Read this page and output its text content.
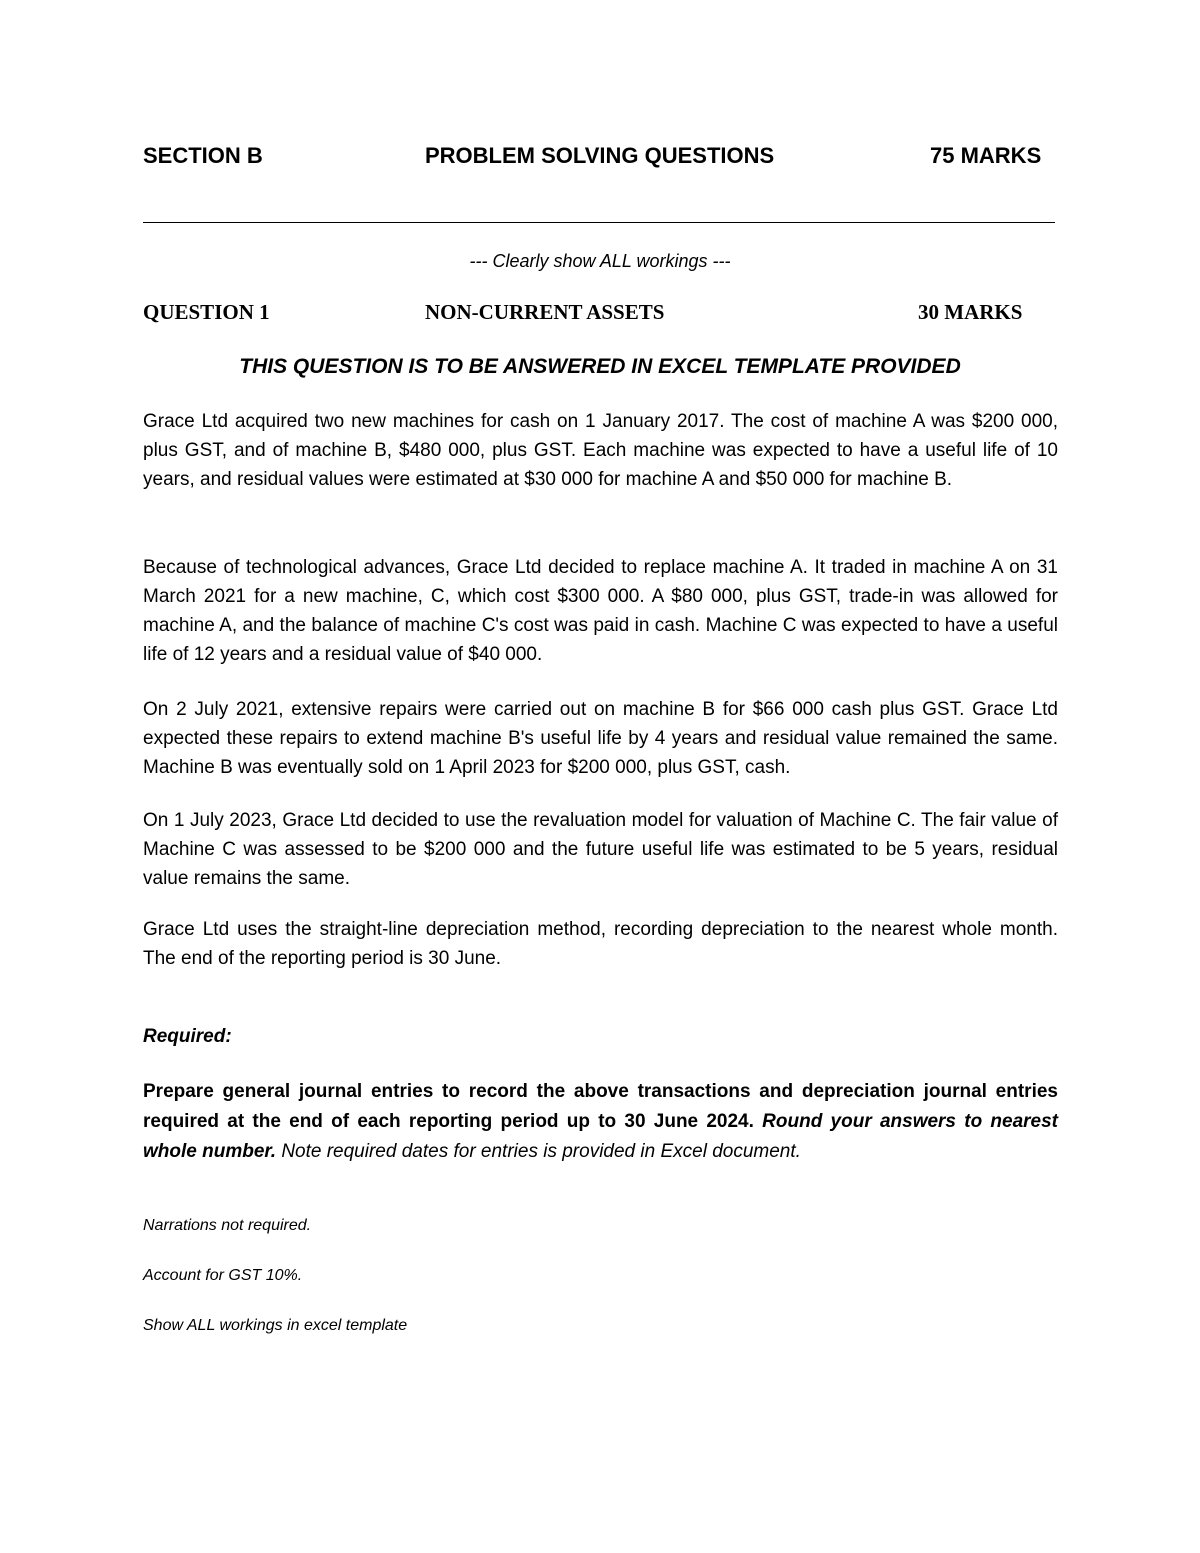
SECTION B	PROBLEM SOLVING QUESTIONS	75 MARKS
--- Clearly show ALL workings ---
QUESTION 1	NON-CURRENT ASSETS	30 MARKS
THIS QUESTION IS TO BE ANSWERED IN EXCEL TEMPLATE PROVIDED

Grace Ltd acquired two new machines for cash on 1 January 2017. The cost of machine A was $200 000, plus GST, and of machine B, $480 000, plus GST. Each machine was expected to have a useful life of 10 years, and residual values were estimated at $30 000 for machine A and $50 000 for machine B.

Because of technological advances, Grace Ltd decided to replace machine A. It traded in machine A on 31 March 2021 for a new machine, C, which cost $300 000. A $80 000, plus GST, trade-in was allowed for machine A, and the balance of machine C's cost was paid in cash. Machine C was expected to have a useful life of 12 years and a residual value of $40 000.

On 2 July 2021, extensive repairs were carried out on machine B for $66 000 cash plus GST. Grace Ltd expected these repairs to extend machine B's useful life by 4 years and residual value remained the same. Machine B was eventually sold on 1 April 2023 for $200 000, plus GST, cash.

On 1 July 2023, Grace Ltd decided to use the revaluation model for valuation of Machine C. The fair value of Machine C was assessed to be $200 000 and the future useful life was estimated to be 5 years, residual value remains the same.

Grace Ltd uses the straight-line depreciation method, recording depreciation to the nearest whole month. The end of the reporting period is 30 June.

Required:

Prepare general journal entries to record the above transactions and depreciation journal entries required at the end of each reporting period up to 30 June 2024. Round your answers to nearest whole number. Note required dates for entries is provided in Excel document.

Narrations not required.
Account for GST 10%.
Show ALL workings in excel template
